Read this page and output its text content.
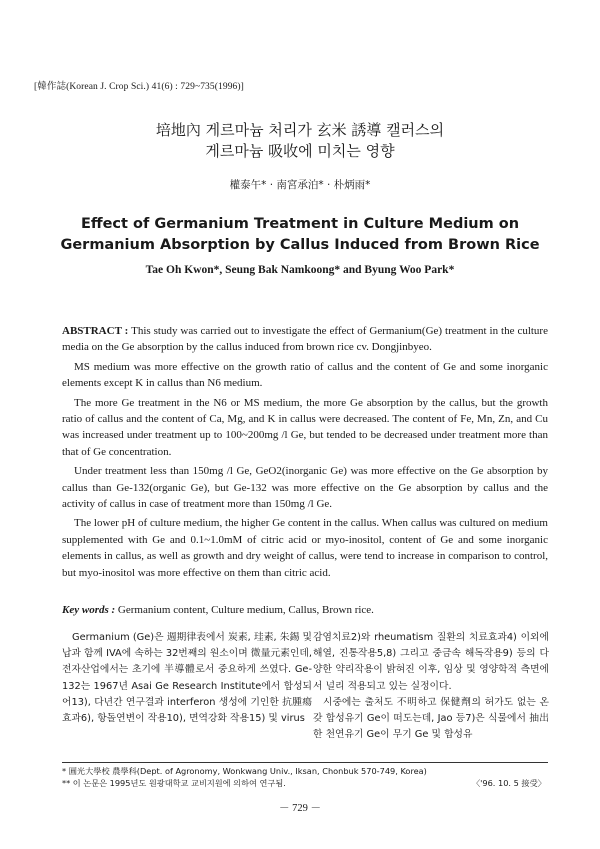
[韓作誌(Korean J. Crop Sci.) 41(6) : 729~735(1996)]
培地內 게르마늄 처리가 玄米 誘導 캘러스의
게르마늄 吸收에 미치는 영향
權泰午* · 南宮承泊* · 朴炳雨*
Effect of Germanium Treatment in Culture Medium on
Germanium Absorption by Callus Induced from Brown Rice
Tae Oh Kwon*, Seung Bak Namkoong* and Byung Woo Park*

ABSTRACT : This study was carried out to investigate the effect of Germanium(Ge) treatment in the culture media on the Ge absorption by the callus induced from brown rice cv. Dongjinbyeo.

MS medium was more effective on the growth ratio of callus and the content of Ge and some inorganic elements except K in callus than N6 medium.

The more Ge treatment in the N6 or MS medium, the more Ge absorption by the callus, but the growth ratio of callus and the content of Ca, Mg, and K in callus were decreased. The content of Fe, Mn, Zn, and Cu was increased under treatment up to 100~200mg /l Ge, but tended to be decreased under treatment more than that of Ge concentration.

Under treatment less than 150mg /l Ge, GeO2(inorganic Ge) was more effective on the Ge absorption by callus than Ge-132(organic Ge), but Ge-132 was more effective on the Ge absorption by callus and the activity of callus in case of treatment more than 150mg /l Ge.

The lower pH of culture medium, the higher Ge content in the callus. When callus was cultured on medium supplemented with Ge and 0.1~1.0mM of citric acid or myo-inositol, content of Ge and some inorganic elements in callus, as well as growth and dry weight of callus, were tend to increase in comparison to control, but myo-inositol was more effective on them than citric acid.

Key words : Germanium content, Culture medium, Callus, Brown rice.

Germanium (Ge)은 週期律表에서 炭素, 珪素, 朱錫 및 납과 함께 IVA에 속하는 32번째의 원소이며 微量元素인데, 전자산업에서는 초기에 半導體로서 중요하게 쓰였다. Ge-132는 1967년 Asai Ge Research Institute에서 합성되어13), 다년간 연구결과 interferon 생성에 기인한 抗腫瘍 효과6), 항돌연변이 작용10), 면역강화 작용15) 및 virus

감염치료2)와 rheumatism 질환의 치료효과4) 이외에 해열, 진통작용5,8) 그리고 중금속 해독작용9) 등의 다양한 약리작용이 밝혀진 이후, 임상 및 영양학적 측면에서 널리 적용되고 있는 실정이다.

시중에는 출처도 不明하고 保健劑의 허가도 없는 온갖 합성유기 Ge이 떠도는데, Jao 등7)은 식물에서 抽出한 천연유기 Ge이 무기 Ge 및 합성유

* 圓光大學校 農學科(Dept. of Agronomy, Wonkwang Univ., Iksan, Chonbuk 570-749, Korea)
** 이 논문은 1995년도 원광대학교 교비지원에 의하여 연구됨.	〈'96. 10. 5 接受〉
－ 729 －
